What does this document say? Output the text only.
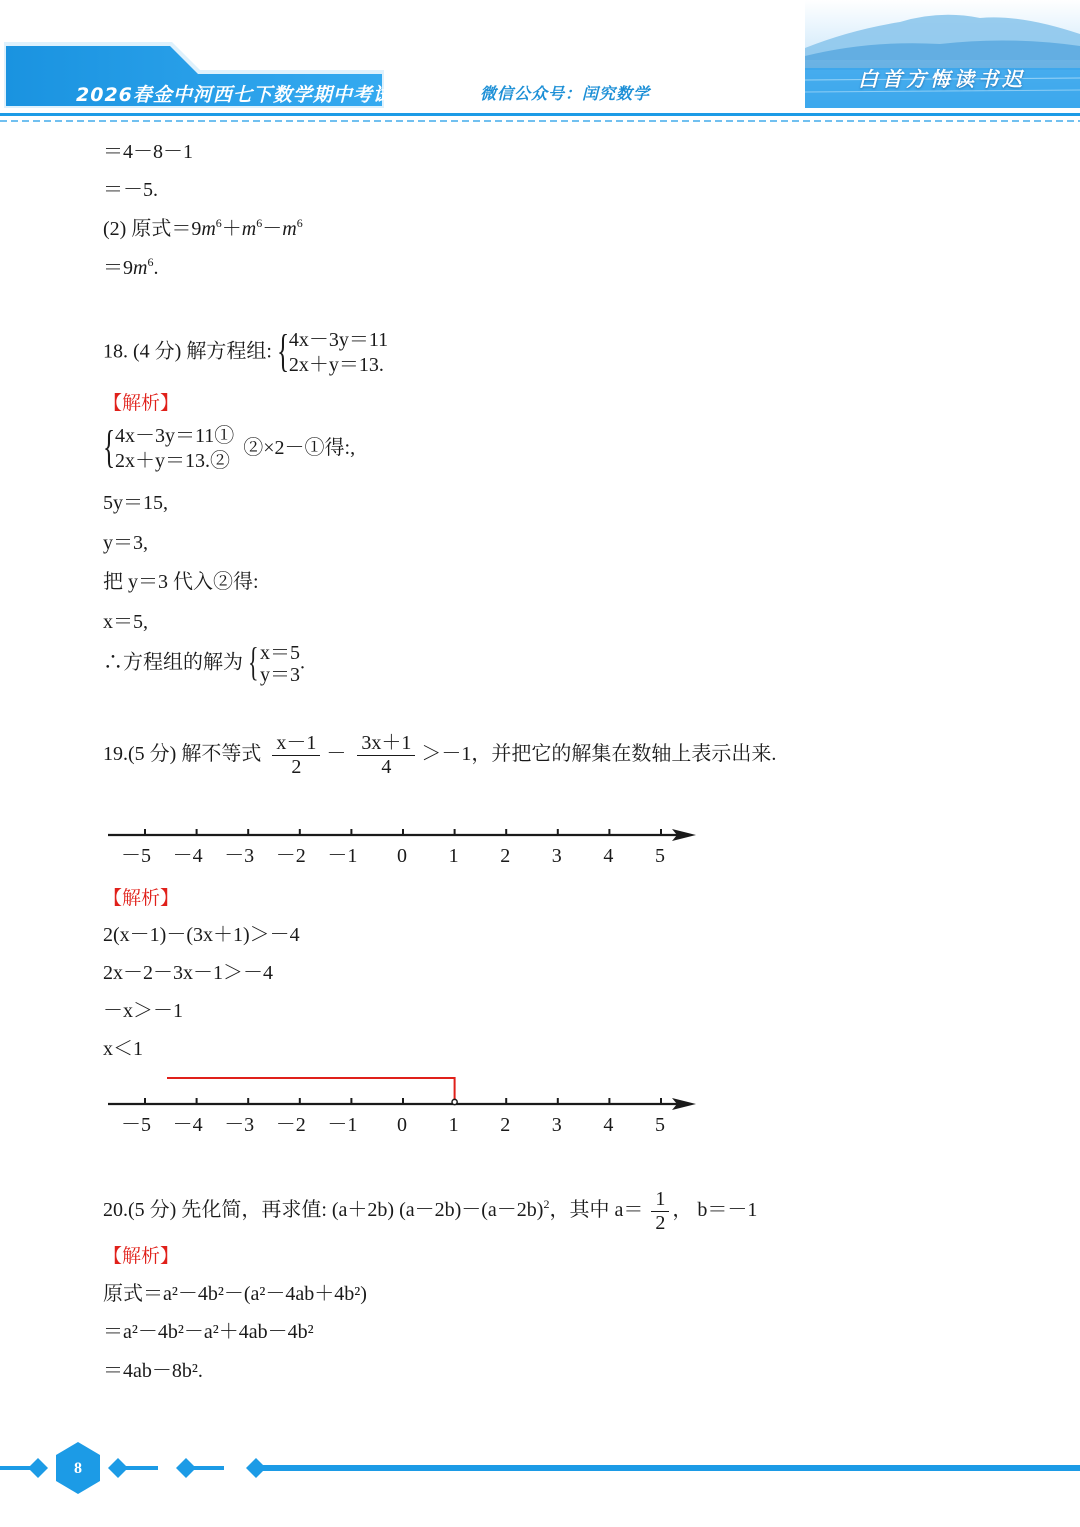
2026春金中河西七下数学期中考试	微信公众号：闰究数学
白首方悔读书迟
＝4－8－1
＝－5.
(2) 原式$=9m^6+m^6-m^6$
$=9m^6$.
18. (4 分) 解方程组: { 4x－3y＝11
2x＋y＝13.
【解析】
{ 4x－3y＝11①
2x＋y＝13.②
②×2－①得:,
5y＝15,
y＝3,
把 y＝3 代入②得:
x＝5,
∴方程组的解为 { x＝5
y＝3
.
19.(5 分) 解不等式 $\frac{x-1}{2} - \frac{3x+1}{4} >-1$，并把它的解集在数轴上表示出来.
－5 －4 －3 －2 －1 0 1 2 3 4 5
【解析】
2(x－1)－(3x＋1)＞－4
2x－2－3x－1＞－4
－x＞－1
x＜1
－5 －4 －3 －2 －1 0 1 2 3 4 5
20.(5 分) 先化简，再求值: (a＋2b) $(a-2b)-(a-2b)^2$，其中 $a= \frac{1}{2}$ ， b＝－1
【解析】
原式＝a²－4b²－(a²－4ab＋4b²)
＝a²－4b²－a²＋4ab－4b²
＝4ab－8b².
8
